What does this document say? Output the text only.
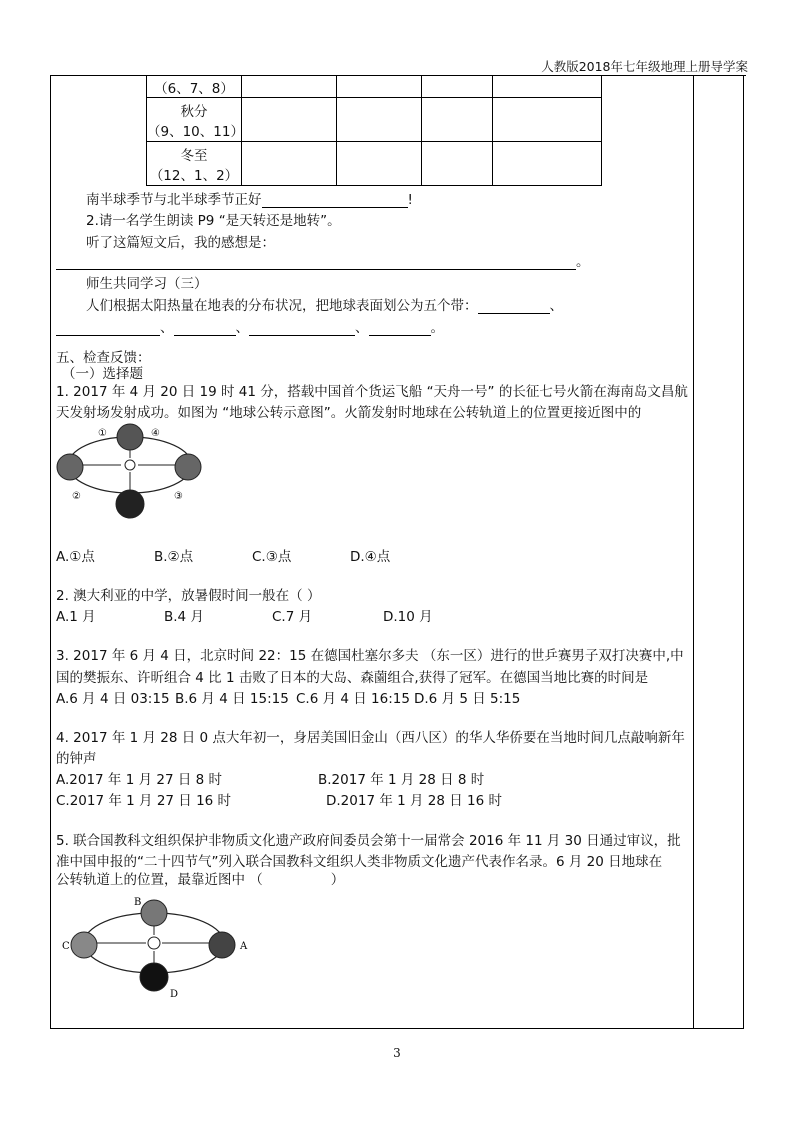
人教版2018年七年级地理上册导学案
（6、7、8）				

秋分
（9、10、11）				

冬至
（12、1、2）				

南半球季节与北半球季节正好	!
2.请一名学生朗读 P9 “是天转还是地转”。
听了这篇短文后，我的感想是：
。
师生共同学习（三）
人们根据太阳热量在地表的分布状况，把地球表面划公为五个带：	、
、	、	、	。
五、检查反馈：
（一）选择题
1. 2017 年 4 月 20 日 19 时 41 分，搭载中国首个货运飞船 “天舟一号” 的长征七号火箭在海南岛文昌航
天发射场发射成功。如图为 “地球公转示意图”。火箭发射时地球在公转轨道上的位置更接近图中的
①
②	③
④
A.①点	B.②点	C.③点	D.④点
2. 澳大利亚的中学，放暑假时间一般在（ ）
A.1 月	B.4 月	C.7 月	D.10 月
3. 2017 年 6 月 4 日，北京时间 22：15 在德国杜塞尔多夫 （东一区）进行的世乒赛男子双打决赛中,中
国的樊振东、许昕组合 4 比 1 击败了日本的大岛、森薗组合,获得了冠军。在德国当地比赛的时间是
A.6 月 4 日 03:15 B.6 月 4 日 15:15 C.6 月 4 日 16:15 D.6 月 5 日 5:15
4. 2017 年 1 月 28 日 0 点大年初一，身居美国旧金山（西八区）的华人华侨要在当地时间几点敲响新年
的钟声
A.2017 年 1 月 27 日 8 时	B.2017 年 1 月 28 日 8 时
C.2017 年 1 月 27 日 16 时	D.2017 年 1 月 28 日 16 时
5. 联合国教科文组织保护非物质文化遗产政府间委员会第十一届常会 2016 年 11 月 30 日通过审议，批
准中国申报的“二十四节气”列入联合国教科文组织人类非物质文化遗产代表作名录。6 月 20 日地球在
公转轨道上的位置，最靠近图中 （	）
A
B
C
D
3
